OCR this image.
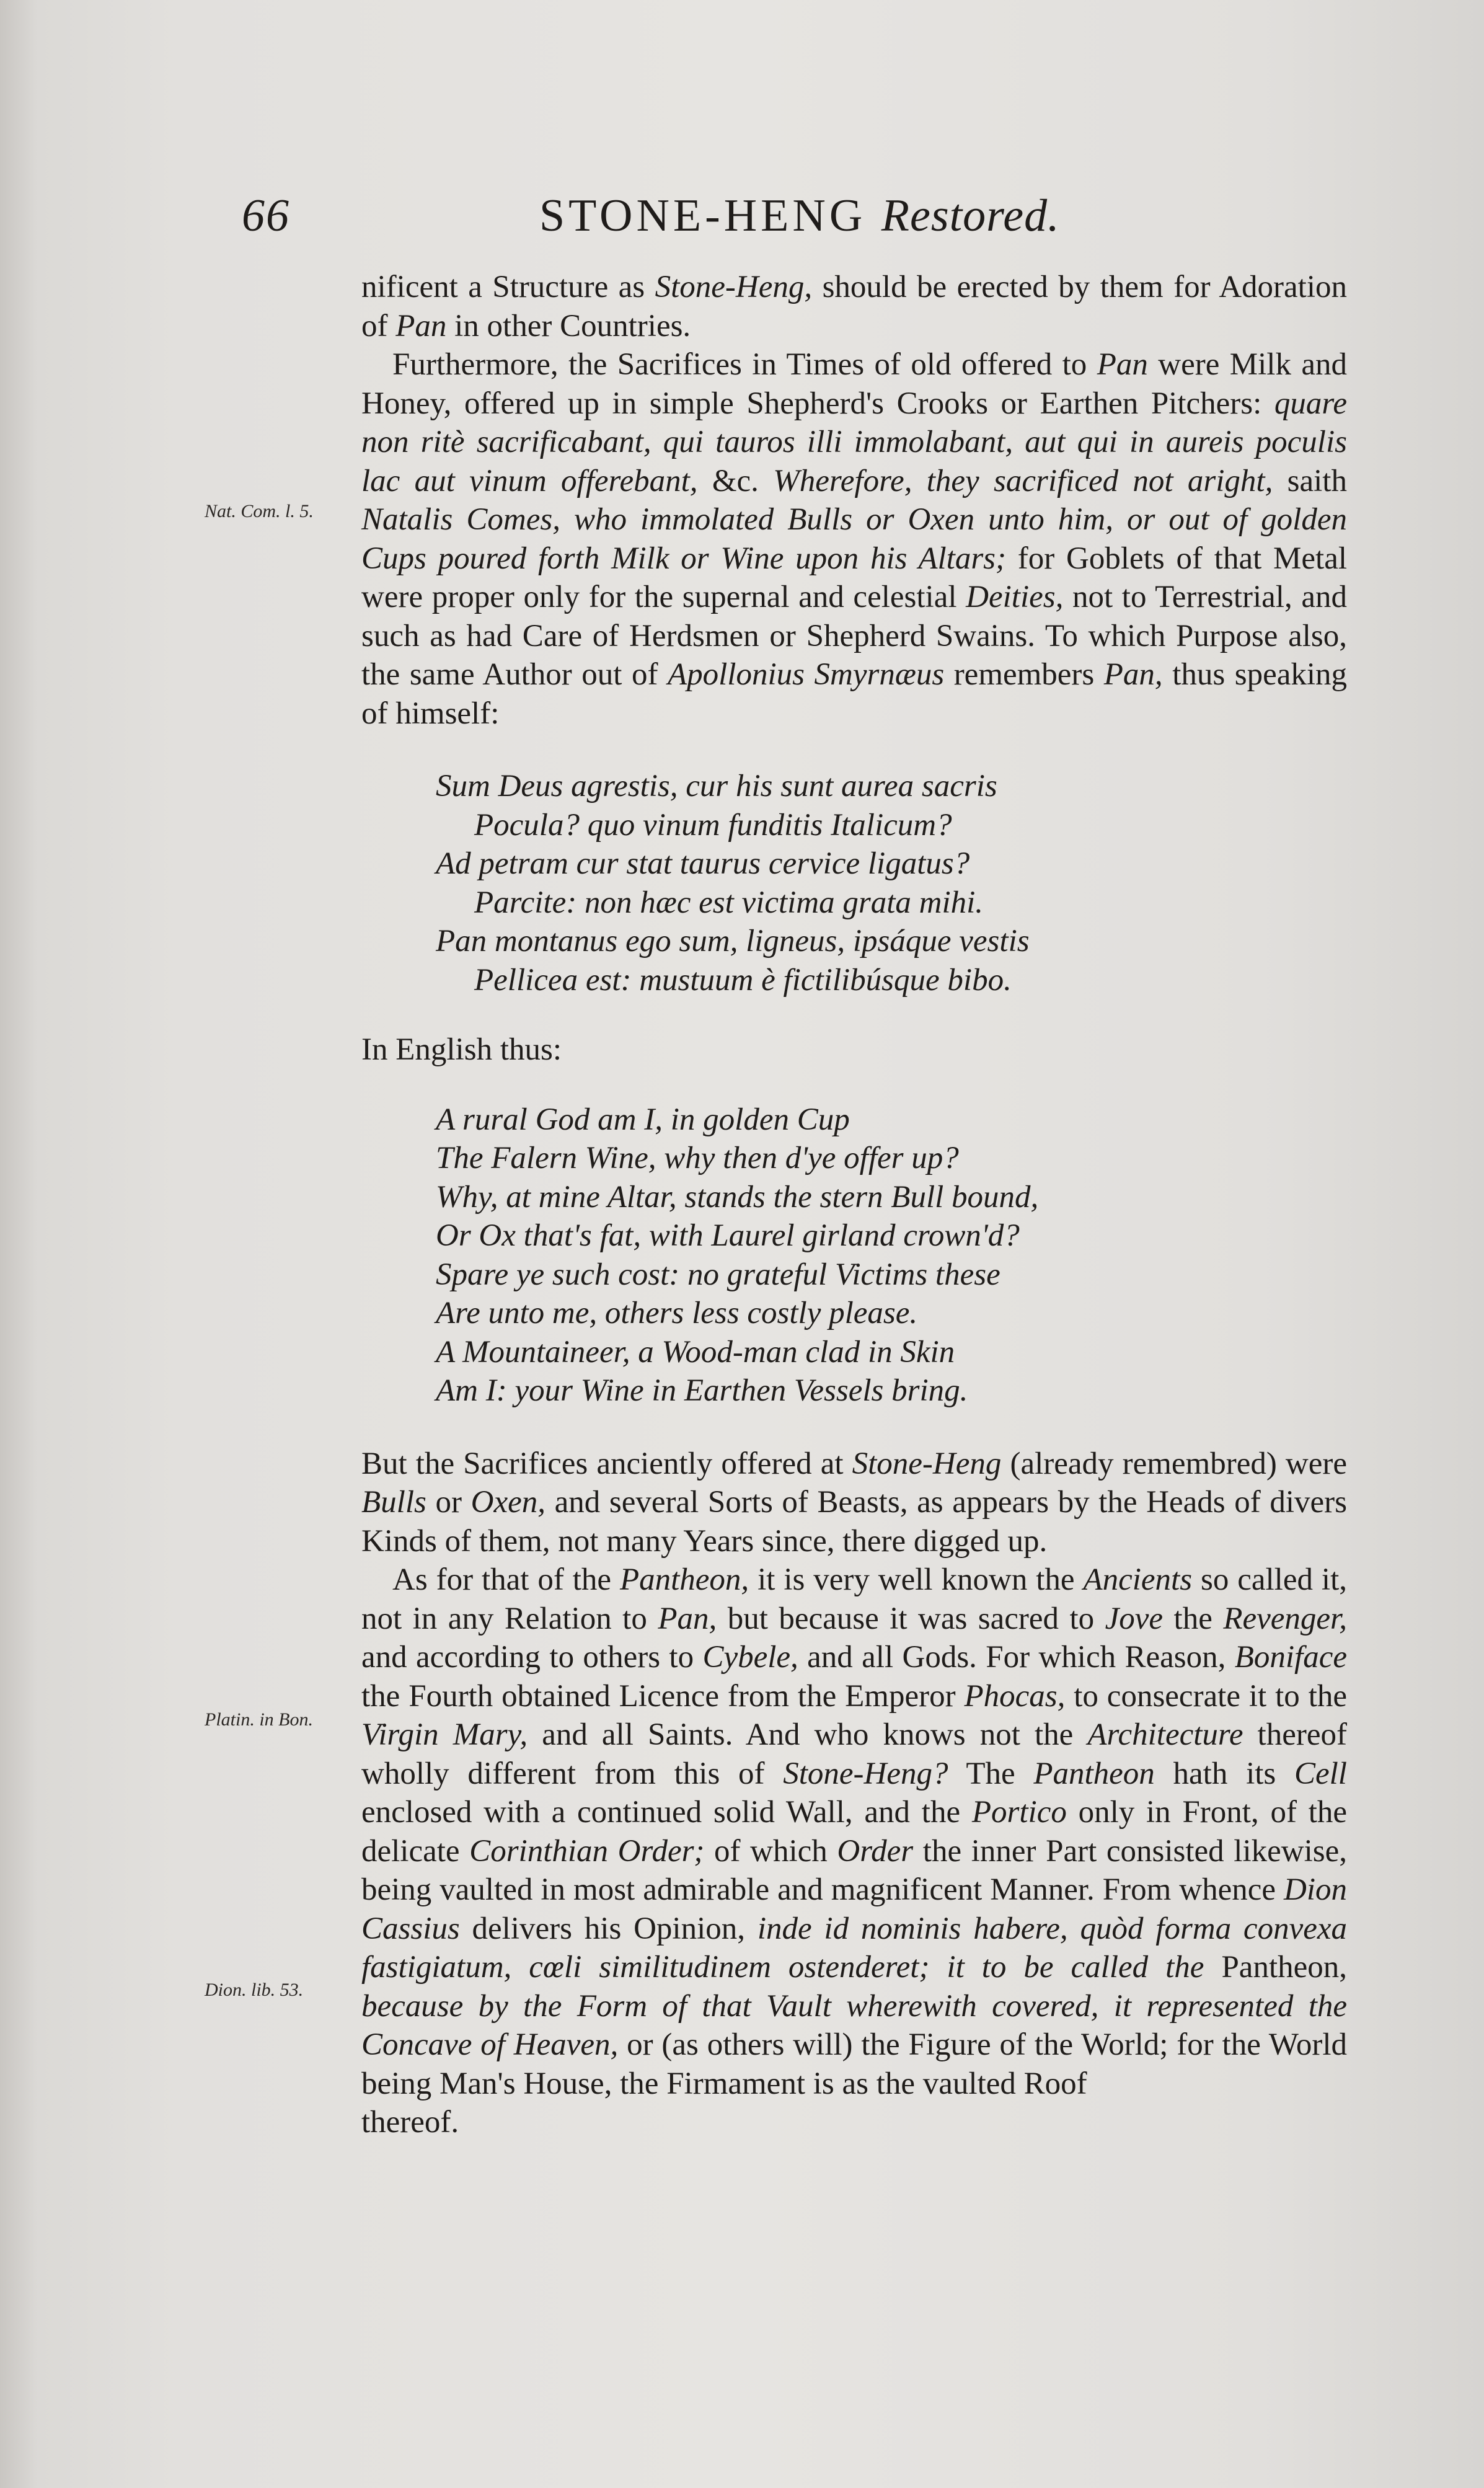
66	STONE-HENG Restored.
Nat. Com. l. 5.
Platin. in Bon.
Dion. lib. 53.

nificent a Structure as Stone-Heng, should be erected by them for Adoration of Pan in other Countries.

Furthermore, the Sacrifices in Times of old offered to Pan were Milk and Honey, offered up in simple Shepherd's Crooks or Earthen Pitchers: quare non ritè sacrificabant, qui tauros illi immolabant, aut qui in aureis poculis lac aut vinum offerebant, &c. Wherefore, they sacrificed not aright, saith Natalis Comes, who immolated Bulls or Oxen unto him, or out of golden Cups poured forth Milk or Wine upon his Altars; for Goblets of that Metal were proper only for the supernal and celestial Deities, not to Terrestrial, and such as had Care of Herdsmen or Shepherd Swains. To which Purpose also, the same Author out of Apollonius Smyrnæus remembers Pan, thus speaking of himself:

Sum Deus agrestis, cur his sunt aurea sacris
Pocula? quo vinum funditis Italicum?
Ad petram cur stat taurus cervice ligatus?
Parcite: non hæc est victima grata mihi.
Pan montanus ego sum, ligneus, ipsáque vestis
Pellicea est: mustuum è fictilibúsque bibo.

In English thus:

A rural God am I, in golden Cup
The Falern Wine, why then d'ye offer up?
Why, at mine Altar, stands the stern Bull bound,
Or Ox that's fat, with Laurel girland crown'd?
Spare ye such cost: no grateful Victims these
Are unto me, others less costly please.
A Mountaineer, a Wood-man clad in Skin
Am I: your Wine in Earthen Vessels bring.

But the Sacrifices anciently offered at Stone-Heng (already remembred) were Bulls or Oxen, and several Sorts of Beasts, as appears by the Heads of divers Kinds of them, not many Years since, there digged up.

As for that of the Pantheon, it is very well known the Ancients so called it, not in any Relation to Pan, but because it was sacred to Jove the Revenger, and according to others to Cybele, and all Gods. For which Reason, Boniface the Fourth obtained Licence from the Emperor Phocas, to consecrate it to the Virgin Mary, and all Saints. And who knows not the Architecture thereof wholly different from this of Stone-Heng? The Pantheon hath its Cell enclosed with a continued solid Wall, and the Portico only in Front, of the delicate Corinthian Order; of which Order the inner Part consisted likewise, being vaulted in most admirable and magnificent Manner. From whence Dion Cassius delivers his Opinion, inde id nominis habere, quòd forma convexa fastigiatum, cœli similitudinem ostenderet; it to be called the Pantheon, because by the Form of that Vault wherewith covered, it represented the Concave of Heaven, or (as others will) the Figure of the World; for the World being Man's House, the Firmament is as the vaulted Roof

thereof.
